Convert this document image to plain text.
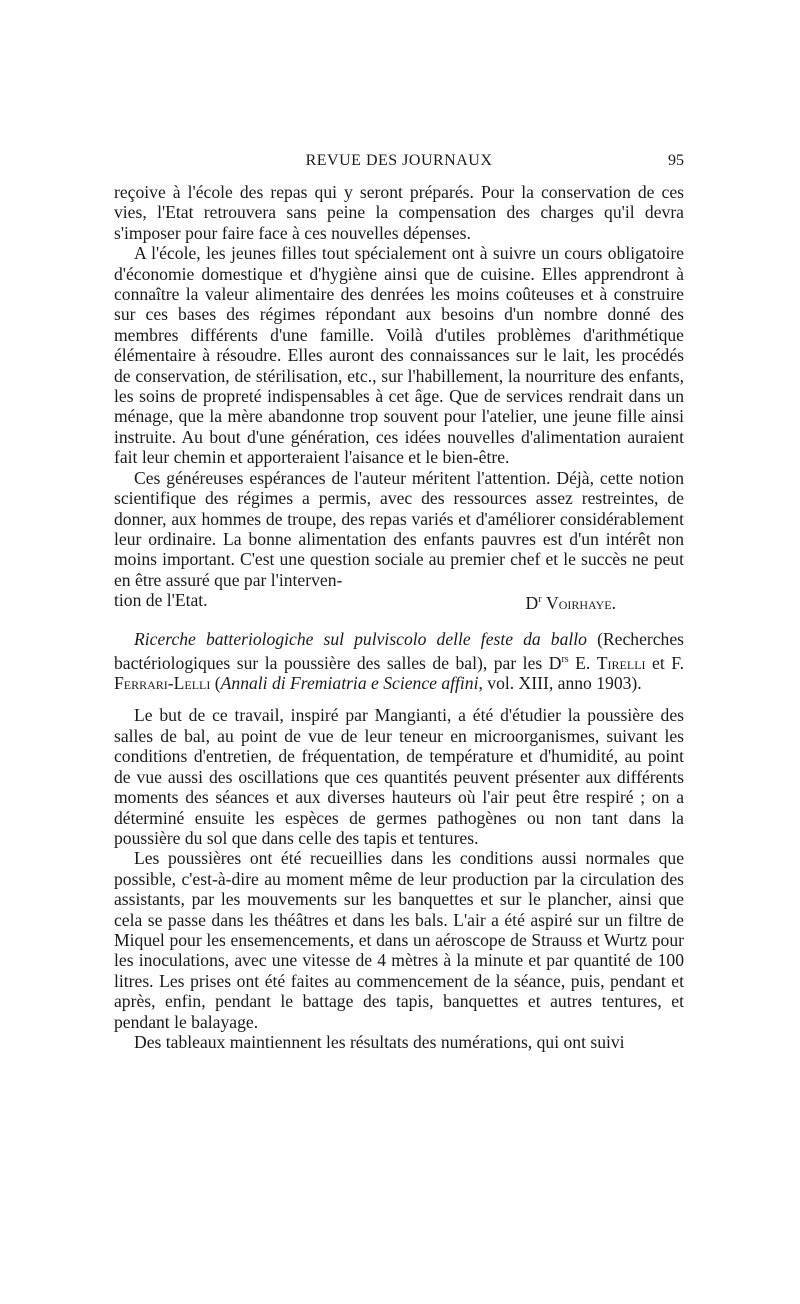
REVUE DES JOURNAUX	95

reçoive à l'école des repas qui y seront préparés. Pour la conservation de ces vies, l'Etat retrouvera sans peine la compensation des charges qu'il devra s'imposer pour faire face à ces nouvelles dépenses.

A l'école, les jeunes filles tout spécialement ont à suivre un cours obligatoire d'économie domestique et d'hygiène ainsi que de cuisine. Elles apprendront à connaître la valeur alimentaire des denrées les moins coûteuses et à construire sur ces bases des régimes répondant aux besoins d'un nombre donné des membres différents d'une famille. Voilà d'utiles problèmes d'arithmétique élémentaire à résoudre. Elles auront des connaissances sur le lait, les procédés de conservation, de stérilisation, etc., sur l'habillement, la nourriture des enfants, les soins de propreté indispensables à cet âge. Que de services rendrait dans un ménage, que la mère abandonne trop souvent pour l'atelier, une jeune fille ainsi instruite. Au bout d'une génération, ces idées nouvelles d'alimentation auraient fait leur chemin et apporteraient l'aisance et le bien-être.

Ces généreuses espérances de l'auteur méritent l'attention. Déjà, cette notion scientifique des régimes a permis, avec des ressources assez restreintes, de donner, aux hommes de troupe, des repas variés et d'améliorer considérablement leur ordinaire. La bonne alimentation des enfants pauvres est d'un intérêt non moins important. C'est une question sociale au premier chef et le succès ne peut en être assuré que par l'interven-

tion de l'Etat.	$D^r$ Voirhaye.

Ricerche batteriologiche sul pulviscolo delle feste da ballo (Recherches bactériologiques sur la poussière des salles de bal), par les $D^{rs}$ E. Tirelli et F. Ferrari-Lelli (Annali di Fremiatria e Science affini, vol. XIII, anno 1903).

Le but de ce travail, inspiré par Mangianti, a été d'étudier la poussière des salles de bal, au point de vue de leur teneur en microorganismes, suivant les conditions d'entretien, de fréquentation, de température et d'humidité, au point de vue aussi des oscillations que ces quantités peuvent présenter aux différents moments des séances et aux diverses hauteurs où l'air peut être respiré ; on a déterminé ensuite les espèces de germes pathogènes ou non tant dans la poussière du sol que dans celle des tapis et tentures.

Les poussières ont été recueillies dans les conditions aussi normales que possible, c'est-à-dire au moment même de leur production par la circulation des assistants, par les mouvements sur les banquettes et sur le plancher, ainsi que cela se passe dans les théâtres et dans les bals. L'air a été aspiré sur un filtre de Miquel pour les ensemencements, et dans un aéroscope de Strauss et Wurtz pour les inoculations, avec une vitesse de 4 mètres à la minute et par quantité de 100 litres. Les prises ont été faites au commencement de la séance, puis, pendant et après, enfin, pendant le battage des tapis, banquettes et autres tentures, et pendant le balayage.

Des tableaux maintiennent les résultats des numérations, qui ont suivi
